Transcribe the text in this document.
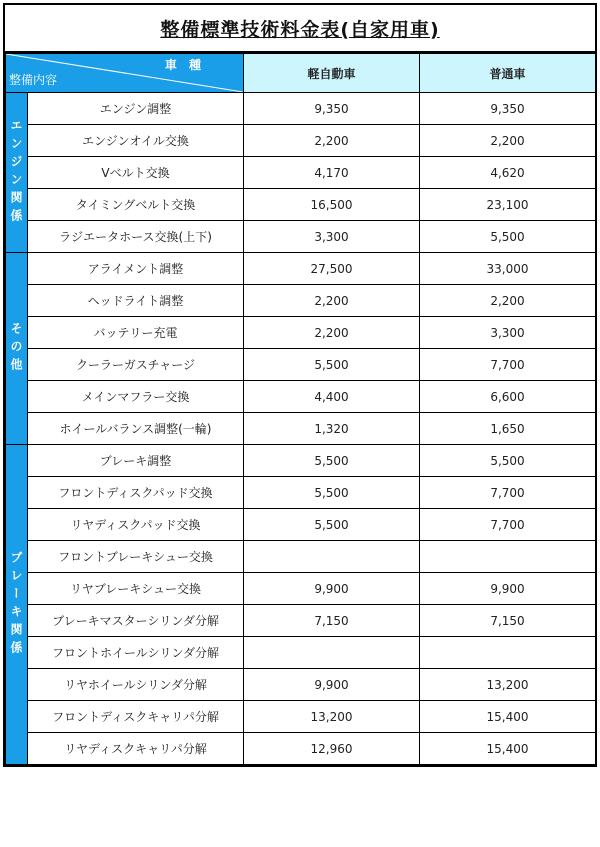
整備標準技術料金表(自家用車)
車 種
整備内容		軽自動車	普通車
エンジン関係	エンジン調整	9,350	9,350
	エンジンオイル交換	2,200	2,200
	Vベルト交換	4,170	4,620
	タイミングベルト交換	16,500	23,100
	ラジエータホース交換(上下)	3,300	5,500
その他	アライメント調整	27,500	33,000
	ヘッドライト調整	2,200	2,200
	バッテリー充電	2,200	3,300
	クーラーガスチャージ	5,500	7,700
	メインマフラー交換	4,400	6,600
	ホイールバランス調整(一輪)	1,320	1,650
ブレーキ関係	ブレーキ調整	5,500	5,500
	フロントディスクパッド交換	5,500	7,700
	リヤディスクパッド交換	5,500	7,700
	フロントブレーキシュー交換		
	リヤブレーキシュー交換	9,900	9,900
	ブレーキマスターシリンダ分解	7,150	7,150
	フロントホイールシリンダ分解		
	リヤホイールシリンダ分解	9,900	13,200
	フロントディスクキャリパ分解	13,200	15,400
	リヤディスクキャリパ分解	12,960	15,400
